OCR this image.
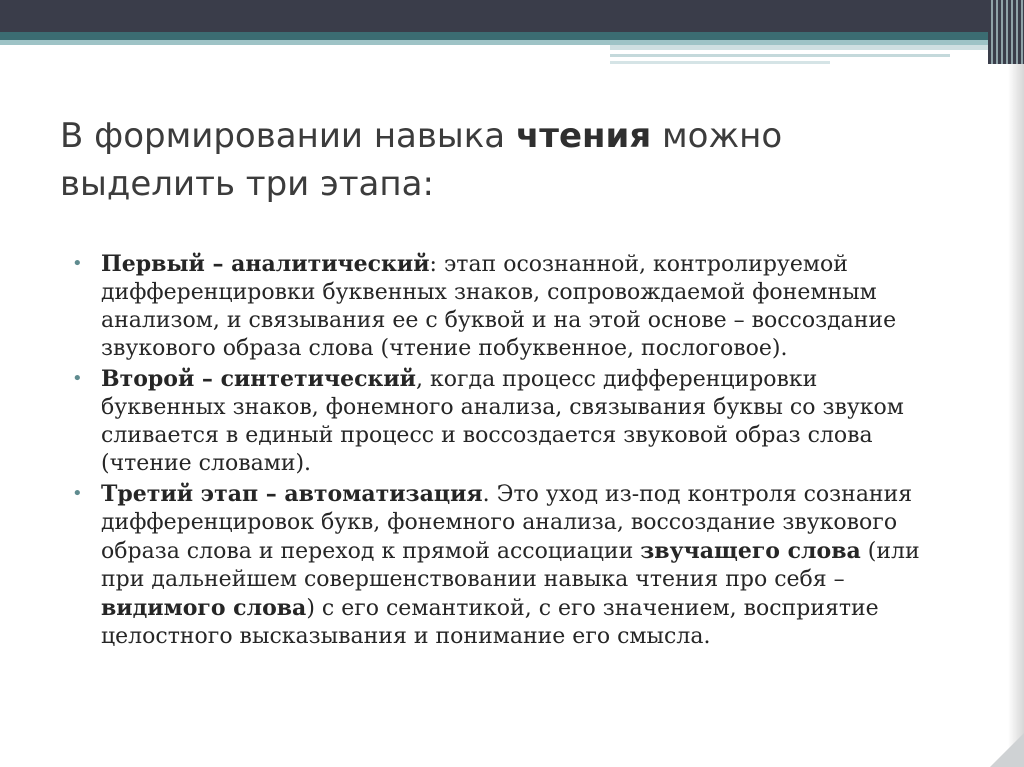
В формировании навыка чтения можно выделить три этапа:
• Первый – аналитический: этап осознанной, контролируемой дифференцировки буквенных знаков, сопровождаемой фонемным анализом, и связывания ее с буквой и на этой основе – воссоздание звукового образа слова (чтение побуквенное, послоговое).
• Второй – синтетический, когда процесс дифференцировки буквенных знаков, фонемного анализа, связывания буквы со звуком сливается в единый процесс и воссоздается звуковой образ слова (чтение словами).
• Третий этап – автоматизация. Это уход из-под контроля сознания дифференцировок букв, фонемного анализа, воссоздание звукового образа слова и переход к прямой ассоциации звучащего слова (или при дальнейшем совершенствовании навыка чтения про себя – видимого слова) с его семантикой, с его значением, восприятие целостного высказывания и понимание его смысла.
